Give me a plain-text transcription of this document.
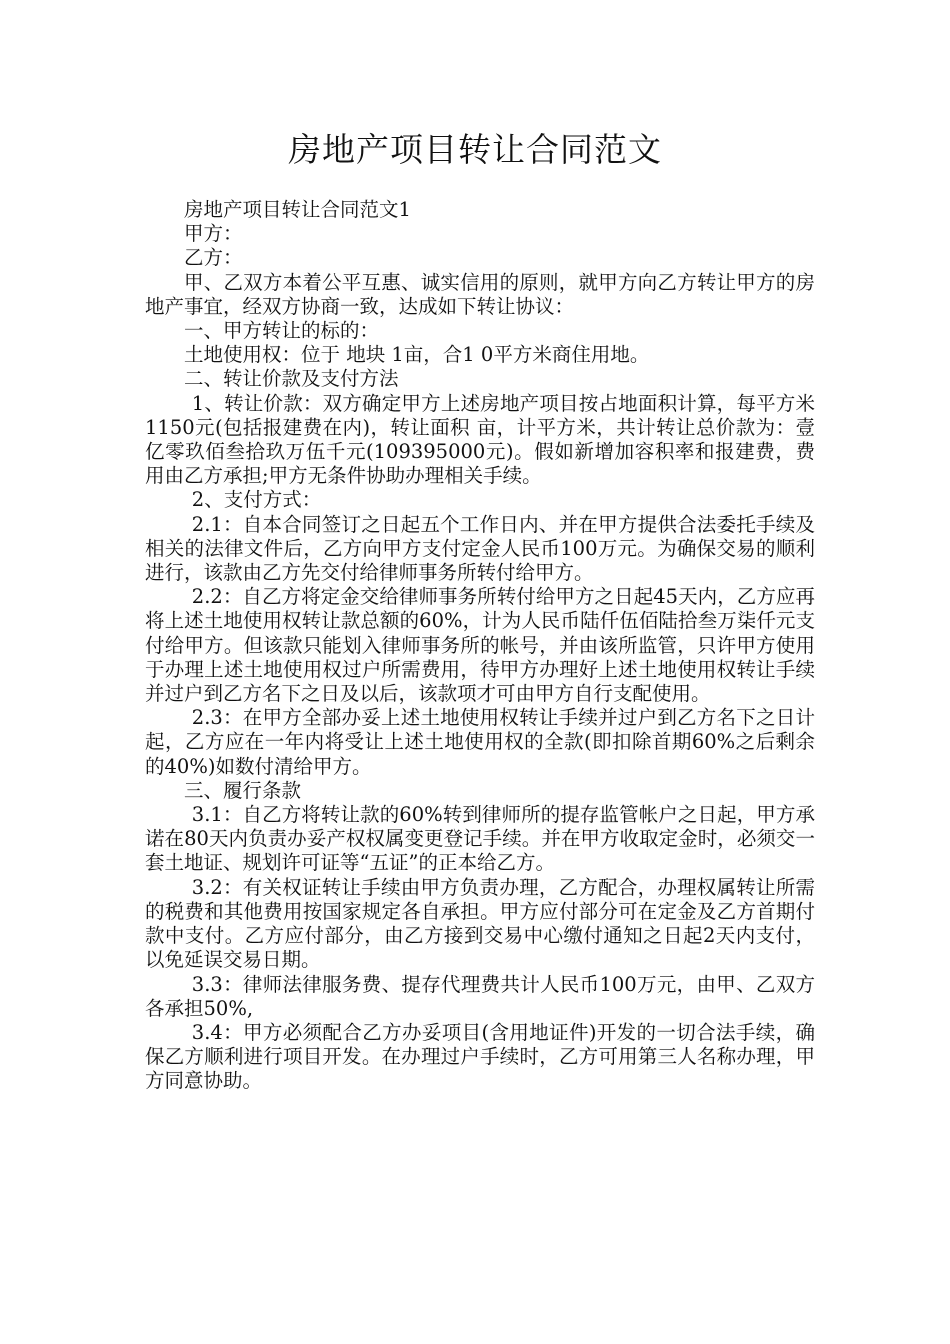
房地产项目转让合同范文

房地产项目转让合同范文1

甲方：

乙方：

甲、乙双方本着公平互惠、诚实信用的原则，就甲方向乙方转让甲方的房地产事宜，经双方协商一致，达成如下转让协议：

一、甲方转让的标的：

土地使用权：位于 地块 1亩，合1 0平方米商住用地。

二、转让价款及支付方法

1、转让价款：双方确定甲方上述房地产项目按占地面积计算，每平方米1150元(包括报建费在内)，转让面积 亩，计平方米，共计转让总价款为：壹亿零玖佰叁拾玖万伍千元(109395000元)。假如新增加容积率和报建费，费用由乙方承担;甲方无条件协助办理相关手续。

2、支付方式：

2.1：自本合同签订之日起五个工作日内、并在甲方提供合法委托手续及相关的法律文件后，乙方向甲方支付定金人民币100万元。为确保交易的顺利进行，该款由乙方先交付给律师事务所转付给甲方。

2.2：自乙方将定金交给律师事务所转付给甲方之日起45天内，乙方应再将上述土地使用权转让款总额的60%，计为人民币陆仟伍佰陆拾叁万柒仟元支付给甲方。但该款只能划入律师事务所的帐号，并由该所监管，只许甲方使用于办理上述土地使用权过户所需费用，待甲方办理好上述土地使用权转让手续并过户到乙方名下之日及以后，该款项才可由甲方自行支配使用。

2.3：在甲方全部办妥上述土地使用权转让手续并过户到乙方名下之日计起，乙方应在一年内将受让上述土地使用权的全款(即扣除首期60%之后剩余的40%)如数付清给甲方。

三、履行条款

3.1：自乙方将转让款的60%转到律师所的提存监管帐户之日起，甲方承诺在80天内负责办妥产权权属变更登记手续。并在甲方收取定金时，必须交一套土地证、规划许可证等“五证”的正本给乙方。

3.2：有关权证转让手续由甲方负责办理，乙方配合，办理权属转让所需的税费和其他费用按国家规定各自承担。甲方应付部分可在定金及乙方首期付款中支付。乙方应付部分，由乙方接到交易中心缴付通知之日起2天内支付，以免延误交易日期。

3.3：律师法律服务费、提存代理费共计人民币100万元，由甲、乙双方各承担50%,

3.4：甲方必须配合乙方办妥项目(含用地证件)开发的一切合法手续，确保乙方顺利进行项目开发。在办理过户手续时，乙方可用第三人名称办理，甲方同意协助。
